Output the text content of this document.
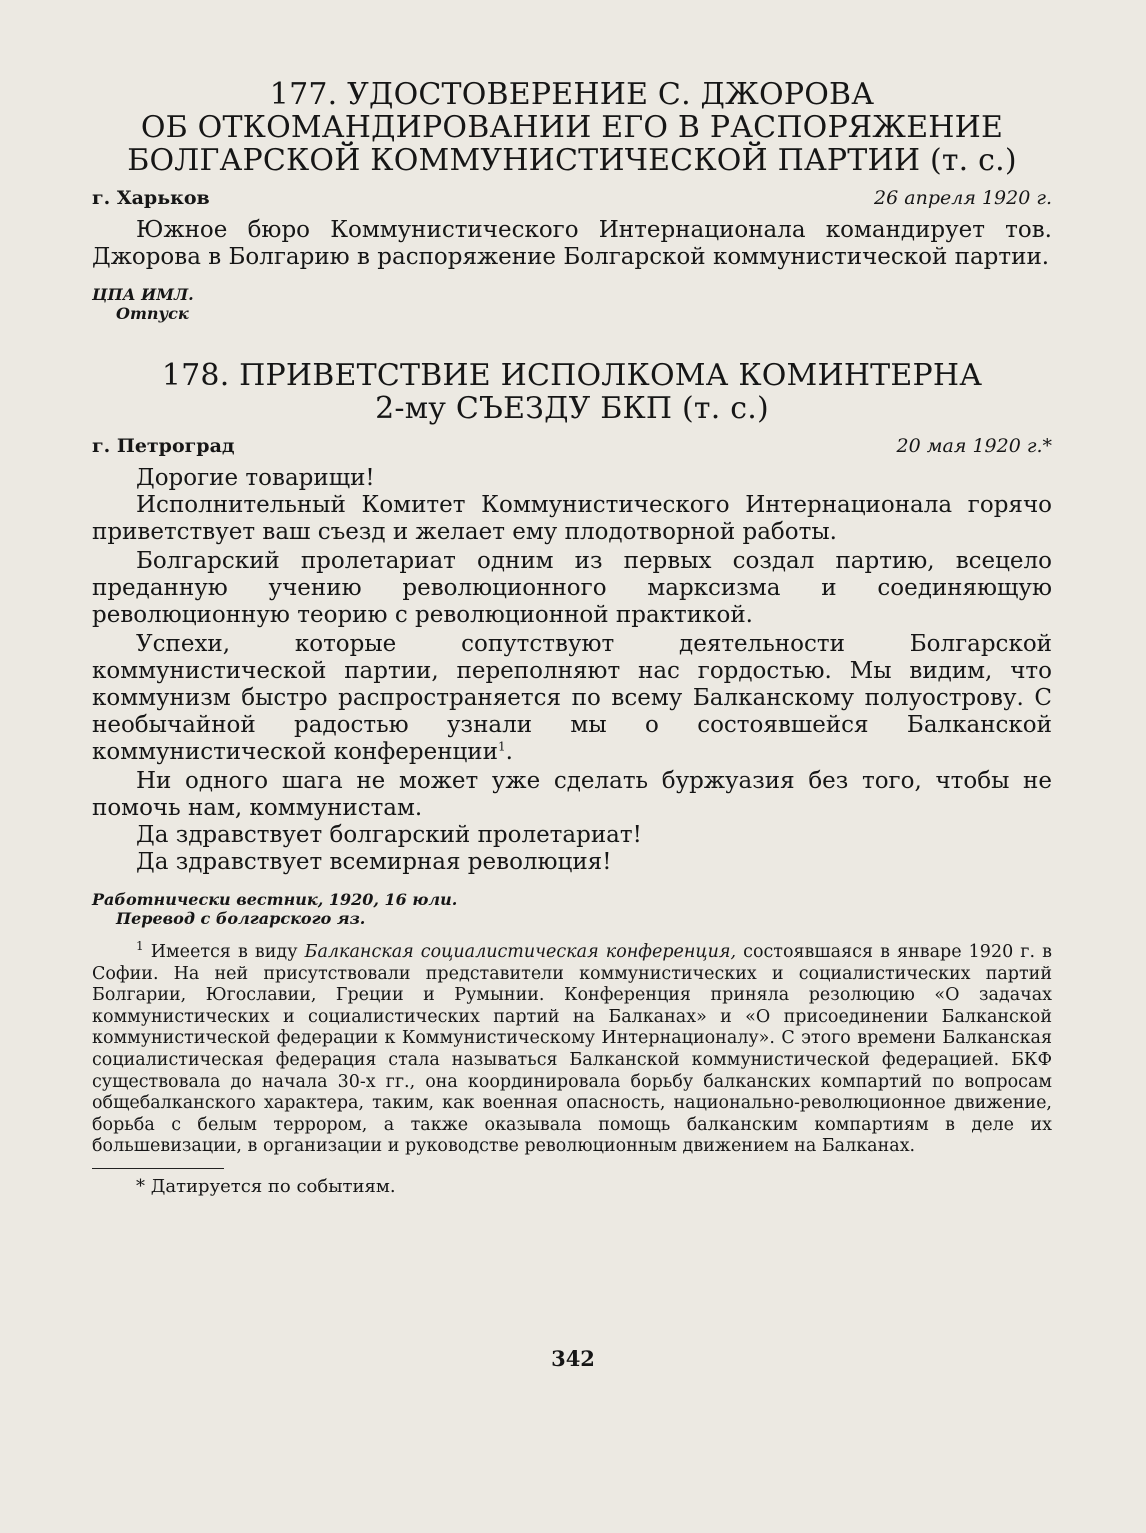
177. УДОСТОВЕРЕНИЕ С. ДЖОРОВА
ОБ ОТКОМАНДИРОВАНИИ ЕГО В РАСПОРЯЖЕНИЕ
БОЛГАРСКОЙ КОММУНИСТИЧЕСКОЙ ПАРТИИ (т. с.)
г. Харьков	26 апреля 1920 г.

Южное бюро Коммунистического Интернационала командирует тов. Джорова в Болгарию в распоряжение Болгарской коммунистической партии.

ЦПА ИМЛ.
Отпуск
178. ПРИВЕТСТВИЕ ИСПОЛКОМА КОМИНТЕРНА
2-му СЪЕЗДУ БКП (т. с.)
г. Петроград	20 мая 1920 г.*

Дорогие товарищи!

Исполнительный Комитет Коммунистического Интернационала горячо приветствует ваш съезд и желает ему плодотворной работы.

Болгарский пролетариат одним из первых создал партию, всецело преданную учению революционного марксизма и соединяющую революционную теорию с революционной практикой.

Успехи, которые сопутствуют деятельности Болгарской коммунистической партии, переполняют нас гордостью. Мы видим, что коммунизм быстро распространяется по всему Балканскому полуострову. С необычайной радостью узнали мы о состоявшейся Балканской коммунистической конференции$^1$.

Ни одного шага не может уже сделать буржуазия без того, чтобы не помочь нам, коммунистам.

Да здравствует болгарский пролетариат!

Да здравствует всемирная революция!

Работнически вестник, 1920, 16 юли.
Перевод с болгарского яз.

$^1$ Имеется в виду Балканская социалистическая конференция, состоявшаяся в январе 1920 г. в Софии. На ней присутствовали представители коммунистических и социалистических партий Болгарии, Югославии, Греции и Румынии. Конференция приняла резолюцию «О задачах коммунистических и социалистических партий на Балканах» и «О присоединении Балканской коммунистической федерации к Коммунистическому Интернационалу». С этого времени Балканская социалистическая федерация стала называться Балканской коммунистической федерацией. БКФ существовала до начала 30-х гг., она координировала борьбу балканских компартий по вопросам общебалканского характера, таким, как военная опасность, национально-революционное движение, борьба с белым террором, а также оказывала помощь балканским компартиям в деле их большевизации, в организации и руководстве революционным движением на Балканах.

* Датируется по событиям.

342
